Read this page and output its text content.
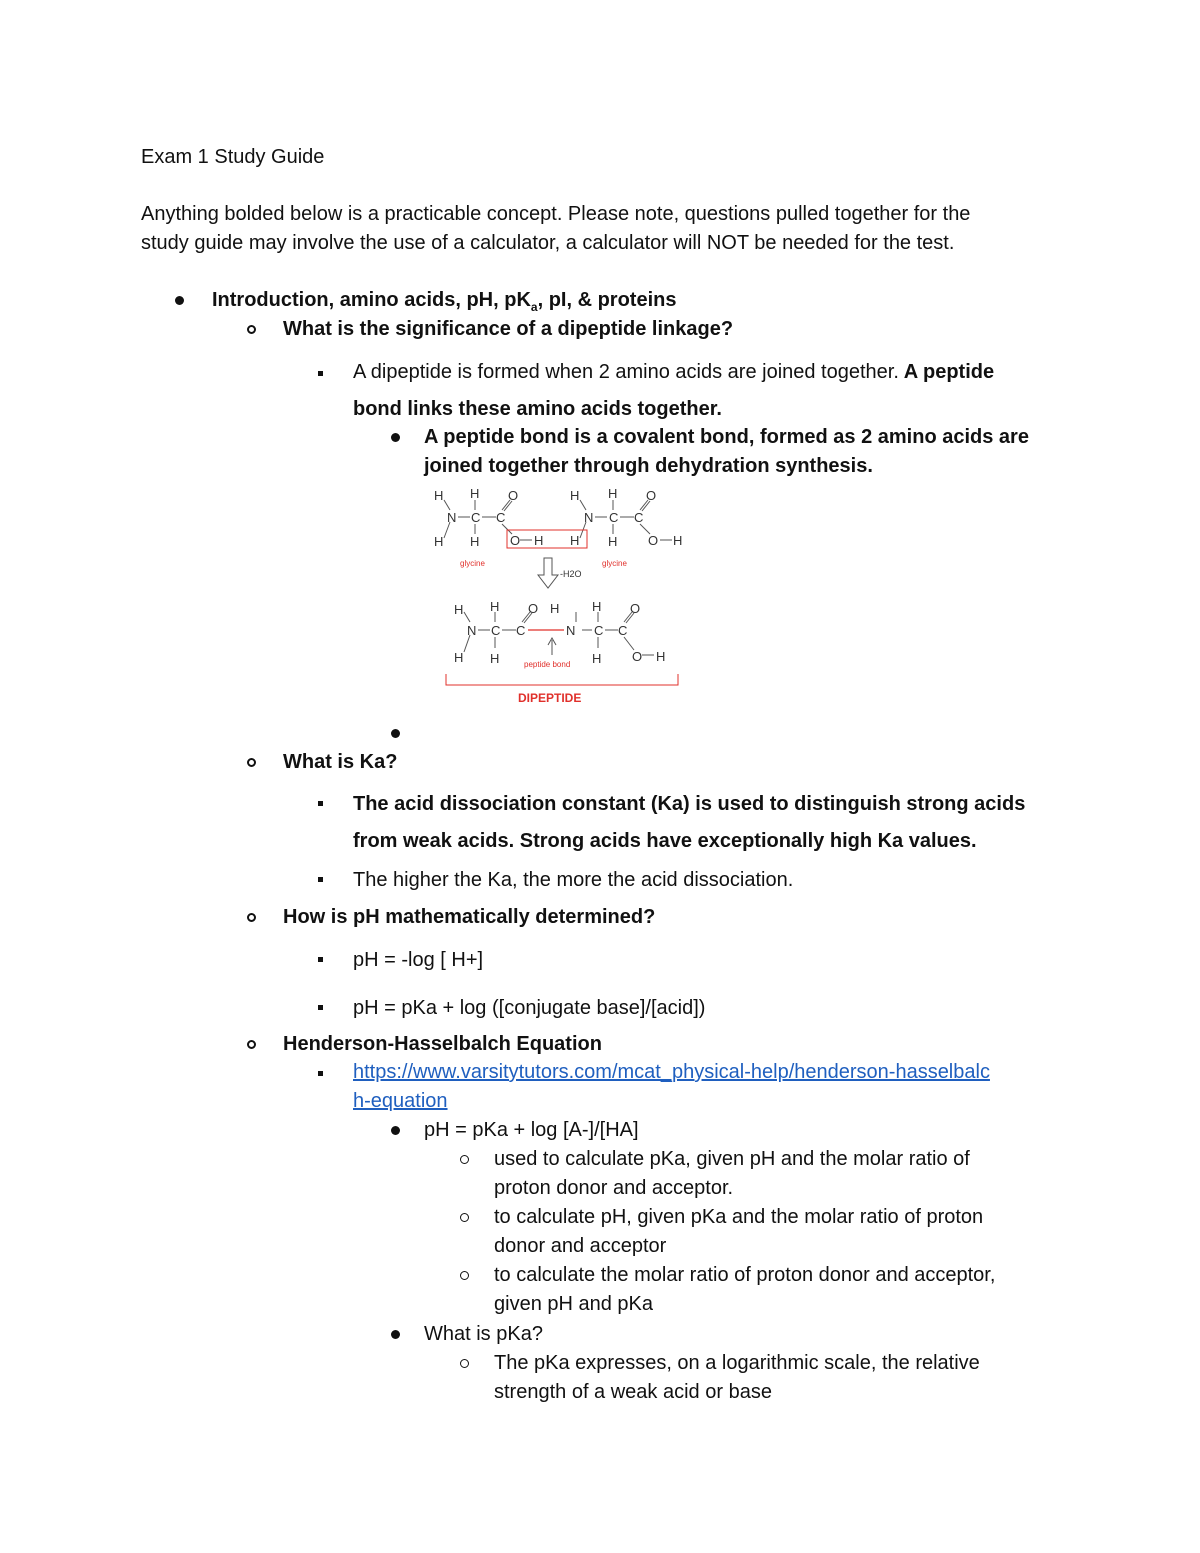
Exam 1 Study Guide
Anything bolded below is a practicable concept. Please note, questions pulled together for the
study guide may involve the use of a calculator, a calculator will NOT be needed for the test.
Introduction, amino acids, pH, $pK_a$, pI, & proteins
What is the significance of a dipeptide linkage?
A dipeptide is formed when 2 amino acids are joined together. A peptide
bond links these amino acids together.
A peptide bond is a covalent bond, formed as 2 amino acids are
joined together through dehydration synthesis.
H H O
N C C
H H O H H
H H O
N C C
H O H
glycine	glycine
-H2O
H H O H	H O
N C C	N C C
H H	H O H
peptide bond
DIPEPTIDE
What is Ka?
The acid dissociation constant (Ka) is used to distinguish strong acids
from weak acids. Strong acids have exceptionally high Ka values.
The higher the Ka, the more the acid dissociation.
How is pH mathematically determined?
pH = -log [ H+]
pH = pKa + log ([conjugate base]/[acid])
Henderson-Hasselbalch Equation
https://www.varsitytutors.com/mcat_physical-help/henderson-hasselbalc
h-equation
pH = pKa + log [A-]/[HA]
used to calculate pKa, given pH and the molar ratio of
proton donor and acceptor.
to calculate pH, given pKa and the molar ratio of proton
donor and acceptor
to calculate the molar ratio of proton donor and acceptor,
given pH and pKa
What is pKa?
The pKa expresses, on a logarithmic scale, the relative
strength of a weak acid or base
